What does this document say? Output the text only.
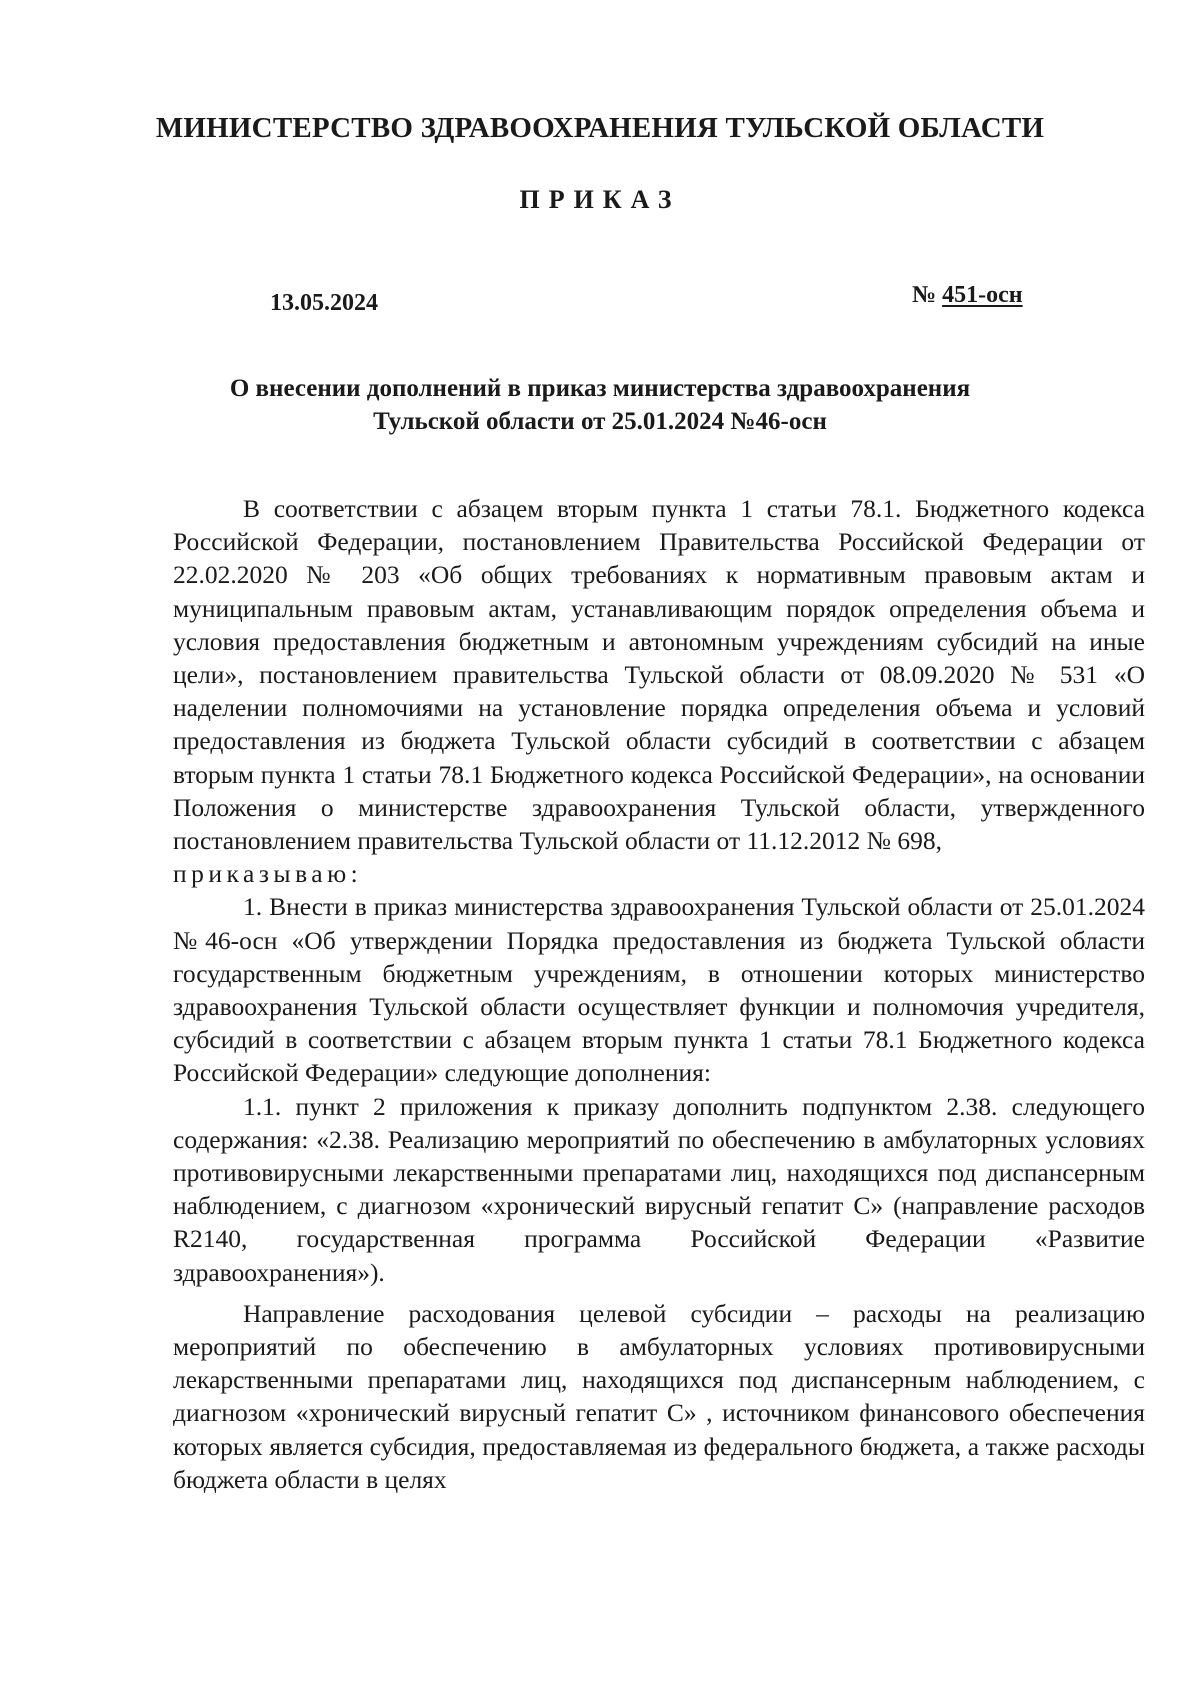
МИНИСТЕРСТВО ЗДРАВООХРАНЕНИЯ ТУЛЬСКОЙ ОБЛАСТИ
ПРИКАЗ
13.05.2024	№ 451-осн
О внесении дополнений в приказ министерства здравоохранения
Тульской области от 25.01.2024 №46-осн

В соответствии с абзацем вторым пункта 1 статьи 78.1. Бюджетного кодекса Российской Федерации, постановлением Правительства Российской Федерации от 22.02.2020 № 203 «Об общих требованиях к нормативным правовым актам и муниципальным правовым актам, устанавливающим порядок определения объема и условия предоставления бюджетным и автономным учреждениям субсидий на иные цели», постановлением правительства Тульской области от 08.09.2020 № 531 «О наделении полномочиями на установление порядка определения объема и условий предоставления из бюджета Тульской области субсидий в соответствии с абзацем вторым пункта 1 статьи 78.1 Бюджетного кодекса Российской Федерации», на основании Положения о министерстве здравоохранения Тульской области, утвержденного постановлением правительства Тульской области от 11.12.2012 № 698,

приказываю:

1. Внести в приказ министерства здравоохранения Тульской области от 25.01.2024 №46-осн «Об утверждении Порядка предоставления из бюджета Тульской области государственным бюджетным учреждениям, в отношении которых министерство здравоохранения Тульской области осуществляет функции и полномочия учредителя, субсидий в соответствии с абзацем вторым пункта 1 статьи 78.1 Бюджетного кодекса Российской Федерации» следующие дополнения:

1.1. пункт 2 приложения к приказу дополнить подпунктом 2.38. следующего содержания: «2.38. Реализацию мероприятий по обеспечению в амбулаторных условиях противовирусными лекарственными препаратами лиц, находящихся под диспансерным наблюдением, с диагнозом «хронический вирусный гепатит С» (направление расходов R2140, государственная программа Российской Федерации «Развитие здравоохранения»).

Направление расходования целевой субсидии – расходы на реализацию мероприятий по обеспечению в амбулаторных условиях противовирусными лекарственными препаратами лиц, находящихся под диспансерным наблюдением, с диагнозом «хронический вирусный гепатит С» , источником финансового обеспечения которых является субсидия, предоставляемая из федерального бюджета, а также расходы бюджета области в целях
